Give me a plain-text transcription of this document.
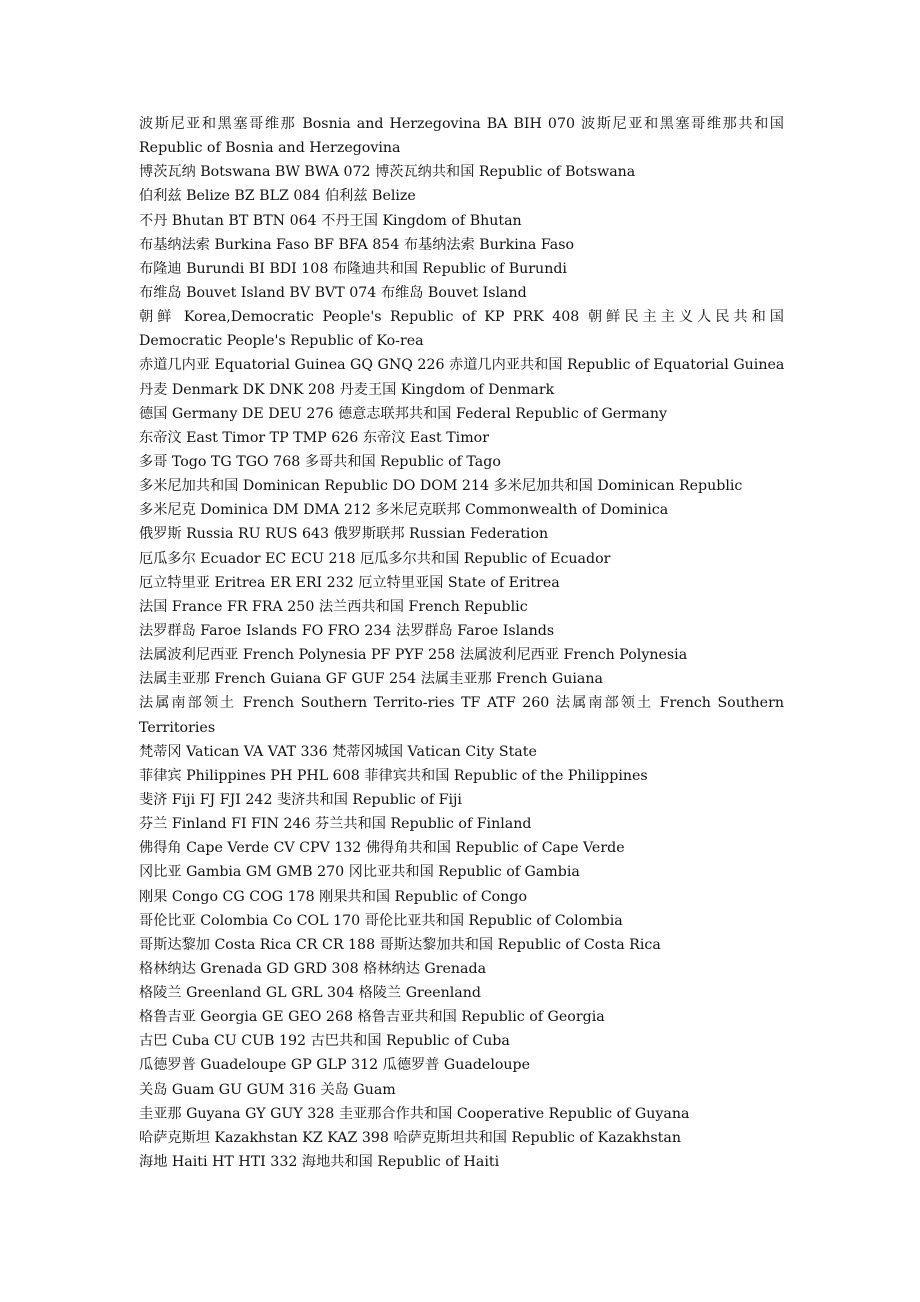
波斯尼亚和黑塞哥维那 Bosnia and Herzegovina BA BIH 070 波斯尼亚和黑塞哥维那共和国
Republic of Bosnia and Herzegovina
博茨瓦纳 Botswana BW BWA 072 博茨瓦纳共和国 Republic of Botswana
伯利兹 Belize BZ BLZ 084 伯利兹 Belize
不丹 Bhutan BT BTN 064 不丹王国 Kingdom of Bhutan
布基纳法索 Burkina Faso BF BFA 854 布基纳法索 Burkina Faso
布隆迪 Burundi BI BDI 108 布隆迪共和国 Republic of Burundi
布维岛 Bouvet Island BV BVT 074 布维岛 Bouvet Island
朝鲜 Korea,Democratic People's Republic of KP PRK 408 朝鲜民主主义人民共和国
Democratic People's Republic of Ko-rea
赤道几内亚 Equatorial Guinea GQ GNQ 226 赤道几内亚共和国 Republic of Equatorial Guinea
丹麦 Denmark DK DNK 208 丹麦王国 Kingdom of Denmark
德国 Germany DE DEU 276 德意志联邦共和国 Federal Republic of Germany
东帝汶 East Timor TP TMP 626 东帝汶 East Timor
多哥 Togo TG TGO 768 多哥共和国 Republic of Tago
多米尼加共和国 Dominican Republic DO DOM 214 多米尼加共和国 Dominican Republic
多米尼克 Dominica DM DMA 212 多米尼克联邦 Commonwealth of Dominica
俄罗斯 Russia RU RUS 643 俄罗斯联邦 Russian Federation
厄瓜多尔 Ecuador EC ECU 218 厄瓜多尔共和国 Republic of Ecuador
厄立特里亚 Eritrea ER ERI 232 厄立特里亚国 State of Eritrea
法国 France FR FRA 250 法兰西共和国 French Republic
法罗群岛 Faroe Islands FO FRO 234 法罗群岛 Faroe Islands
法属波利尼西亚 French Polynesia PF PYF 258 法属波利尼西亚 French Polynesia
法属圭亚那 French Guiana GF GUF 254 法属圭亚那 French Guiana
法属南部领土 French Southern Territo-ries TF ATF 260 法属南部领土 French Southern
Territories
梵蒂冈 Vatican VA VAT 336 梵蒂冈城国 Vatican City State
菲律宾 Philippines PH PHL 608 菲律宾共和国 Republic of the Philippines
斐济 Fiji FJ FJI 242 斐济共和国 Republic of Fiji
芬兰 Finland FI FIN 246 芬兰共和国 Republic of Finland
佛得角 Cape Verde CV CPV 132 佛得角共和国 Republic of Cape Verde
冈比亚 Gambia GM GMB 270 冈比亚共和国 Republic of Gambia
刚果 Congo CG COG 178 刚果共和国 Republic of Congo
哥伦比亚 Colombia Co COL 170 哥伦比亚共和国 Republic of Colombia
哥斯达黎加 Costa Rica CR CR 188 哥斯达黎加共和国 Republic of Costa Rica
格林纳达 Grenada GD GRD 308 格林纳达 Grenada
格陵兰 Greenland GL GRL 304 格陵兰 Greenland
格鲁吉亚 Georgia GE GEO 268 格鲁吉亚共和国 Republic of Georgia
古巴 Cuba CU CUB 192 古巴共和国 Republic of Cuba
瓜德罗普 Guadeloupe GP GLP 312 瓜德罗普 Guadeloupe
关岛 Guam GU GUM 316 关岛 Guam
圭亚那 Guyana GY GUY 328 圭亚那合作共和国 Cooperative Republic of Guyana
哈萨克斯坦 Kazakhstan KZ KAZ 398 哈萨克斯坦共和国 Republic of Kazakhstan
海地 Haiti HT HTI 332 海地共和国 Republic of Haiti
